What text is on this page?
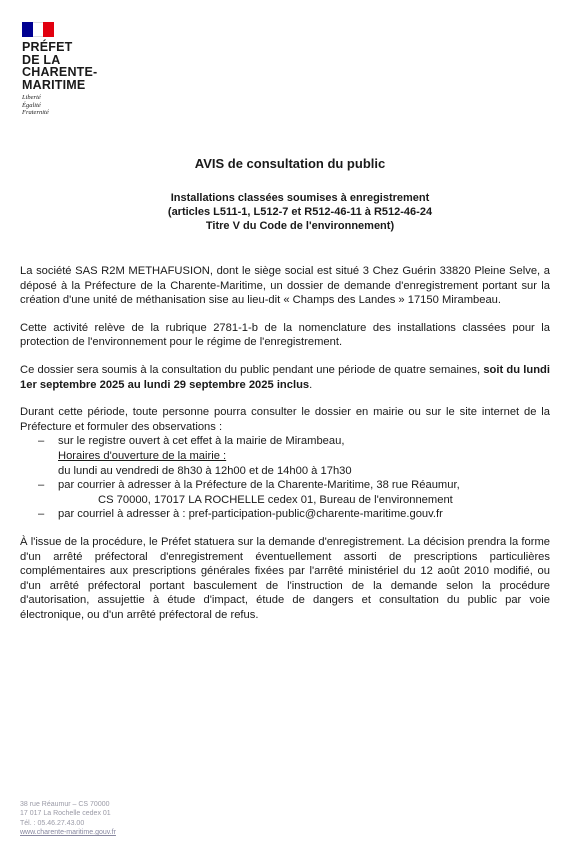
PRÉFET
DE LA
CHARENTE-
MARITIME
Liberté
Égalité
Fraternité
AVIS de consultation du public
Installations classées soumises à enregistrement
(articles L511-1, L512-7 et R512-46-11 à R512-46-24
Titre V du Code de l'environnement)

La société SAS R2M METHAFUSION, dont le siège social est situé 3 Chez Guérin 33820 Pleine Selve, a déposé à la Préfecture de la Charente-Maritime, un dossier de demande d'enregistrement portant sur la création d'une unité de méthanisation sise au lieu-dit « Champs des Landes » 17150 Mirambeau.

Cette activité relève de la rubrique 2781-1-b de la nomenclature des installations classées pour la protection de l'environnement pour le régime de l'enregistrement.

Ce dossier sera soumis à la consultation du public pendant une période de quatre semaines, soit du lundi 1er septembre 2025 au lundi 29 septembre 2025 inclus.

Durant cette période, toute personne pourra consulter le dossier en mairie ou sur le site internet de la Préfecture et formuler des observations :

– sur le registre ouvert à cet effet à la mairie de Mirambeau,
Horaires d'ouverture de la mairie :
du lundi au vendredi de 8h30 à 12h00 et de 14h00 à 17h30
– par courrier à adresser à la Préfecture de la Charente-Maritime, 38 rue Réaumur,
CS 70000, 17017 LA ROCHELLE cedex 01, Bureau de l'environnement
– par courriel à adresser à : pref-participation-public@charente-maritime.gouv.fr

À l'issue de la procédure, le Préfet statuera sur la demande d'enregistrement. La décision prendra la forme d'un arrêté préfectoral d'enregistrement éventuellement assorti de prescriptions particulières complémentaires aux prescriptions générales fixées par l'arrêté ministériel du 12 août 2010 modifié, ou d'un arrêté préfectoral portant basculement de l'instruction de la demande selon la procédure d'autorisation, assujettie à étude d'impact, étude de dangers et consultation du public par voie électronique, ou d'un arrêté préfectoral de refus.

38 rue Réaumur – CS 70000
17 017 La Rochelle cedex 01
Tél. : 05.46.27.43.00
www.charente-maritime.gouv.fr
